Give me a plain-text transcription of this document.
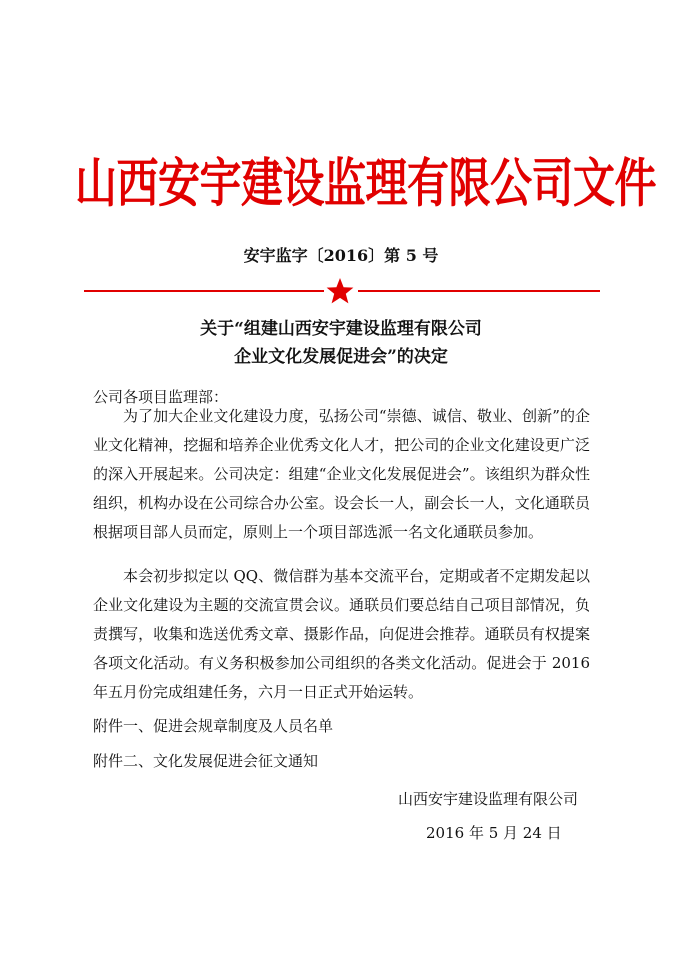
山西安宇建设监理有限公司文件
安宇监字〔2016〕第 5 号
关于“组建山西安宇建设监理有限公司
企业文化发展促进会”的决定
公司各项目监理部：

为了加大企业文化建设力度，弘扬公司“崇德、诚信、敬业、创新”的企业文化精神，挖掘和培养企业优秀文化人才，把公司的企业文化建设更广泛的深入开展起来。公司决定：组建“企业文化发展促进会”。该组织为群众性组织，机构办设在公司综合办公室。设会长一人，副会长一人，文化通联员根据项目部人员而定，原则上一个项目部选派一名文化通联员参加。

本会初步拟定以 QQ、微信群为基本交流平台，定期或者不定期发起以企业文化建设为主题的交流宣贯会议。通联员们要总结自己项目部情况，负责撰写，收集和选送优秀文章、摄影作品，向促进会推荐。通联员有权提案各项文化活动。有义务积极参加公司组织的各类文化活动。促进会于 2016 年五月份完成组建任务，六月一日正式开始运转。

附件一、促进会规章制度及人员名单
附件二、文化发展促进会征文通知
山西安宇建设监理有限公司
2016 年 5 月 24 日
